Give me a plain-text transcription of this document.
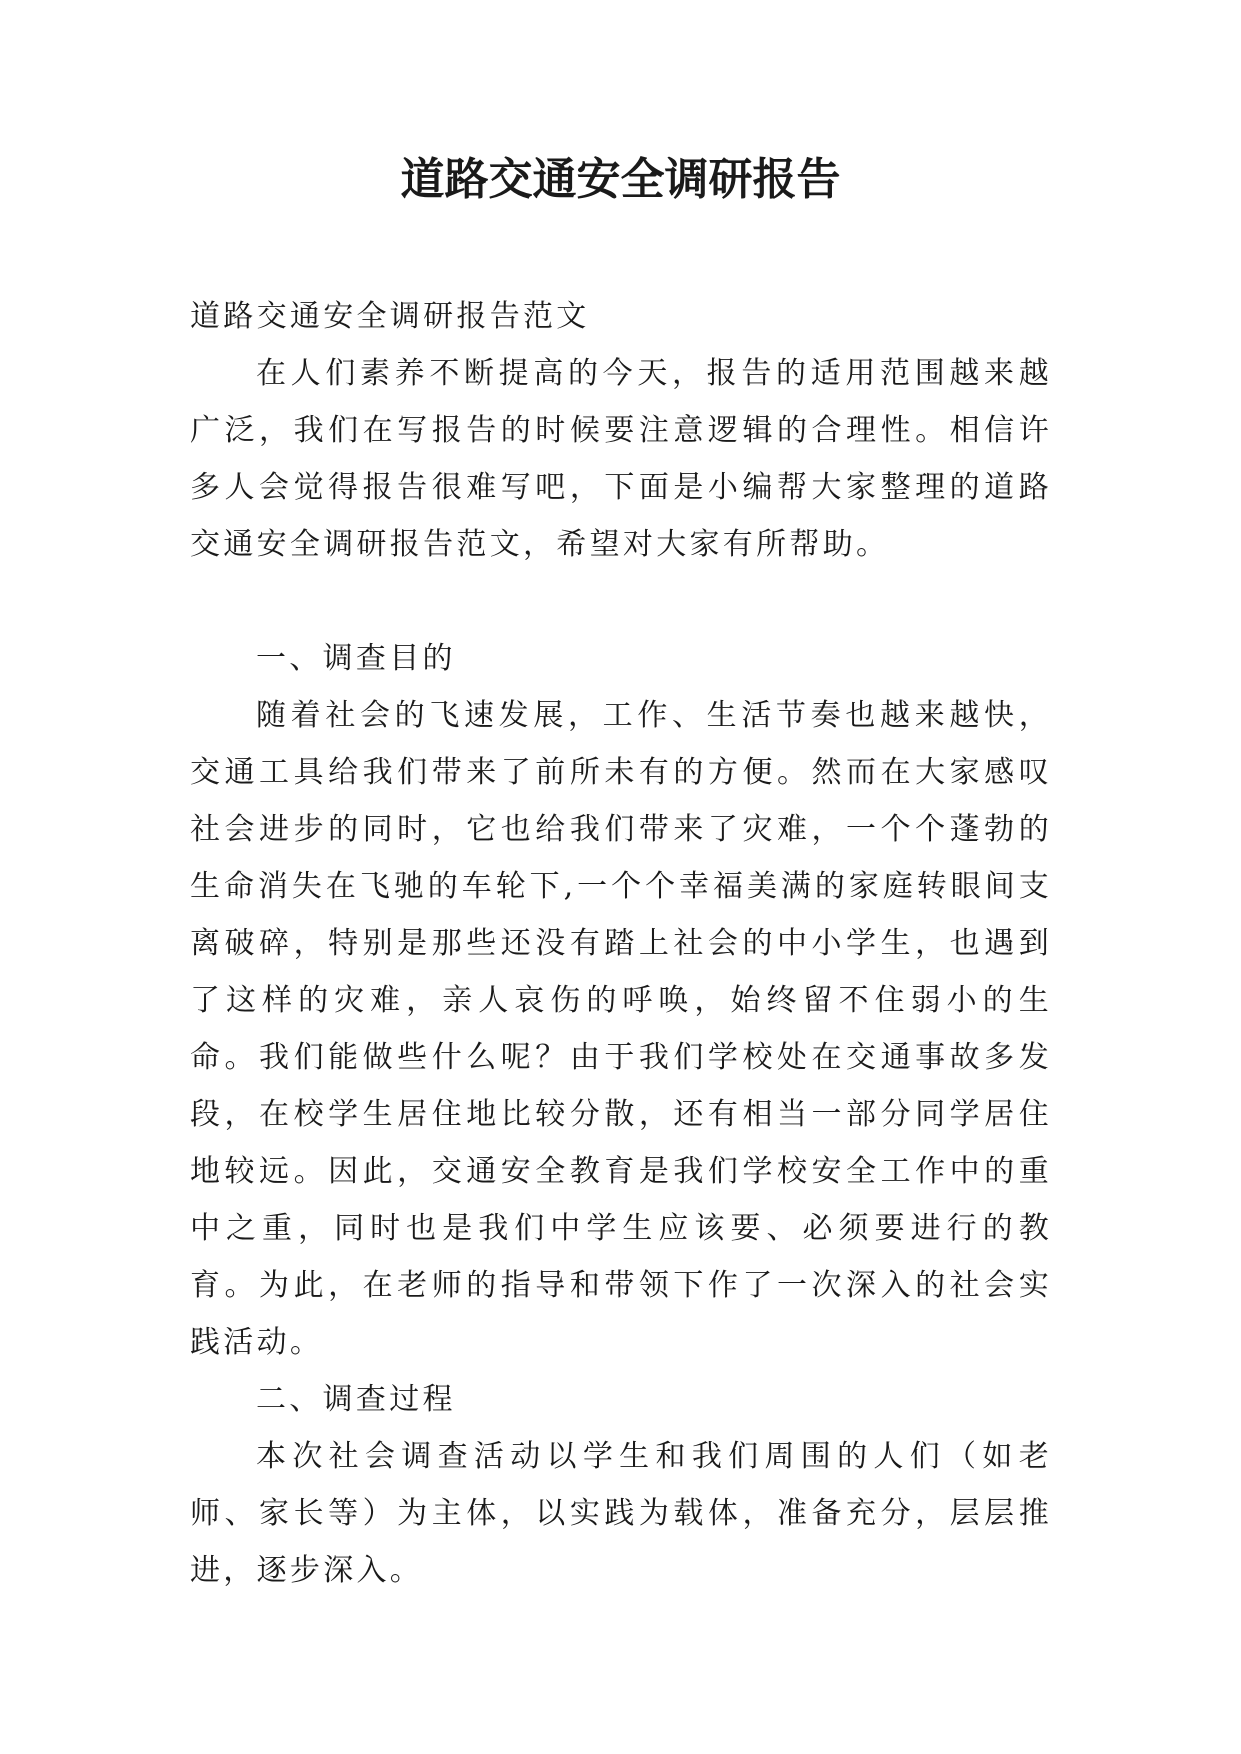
道路交通安全调研报告

道路交通安全调研报告范文

在人们素养不断提高的今天，报告的适用范围越来越广泛，我们在写报告的时候要注意逻辑的合理性。相信许多人会觉得报告很难写吧，下面是小编帮大家整理的道路交通安全调研报告范文，希望对大家有所帮助。

一、调查目的

随着社会的飞速发展，工作、生活节奏也越来越快，交通工具给我们带来了前所未有的方便。然而在大家感叹社会进步的同时，它也给我们带来了灾难，一个个蓬勃的生命消失在飞驰的车轮下,一个个幸福美满的家庭转眼间支离破碎，特别是那些还没有踏上社会的中小学生，也遇到了这样的灾难，亲人哀伤的呼唤，始终留不住弱小的生命。我们能做些什么呢？由于我们学校处在交通事故多发段，在校学生居住地比较分散，还有相当一部分同学居住地较远。因此，交通安全教育是我们学校安全工作中的重中之重，同时也是我们中学生应该要、必须要进行的教育。为此，在老师的指导和带领下作了一次深入的社会实践活动。

二、调查过程

本次社会调查活动以学生和我们周围的人们（如老师、家长等）为主体，以实践为载体，准备充分，层层推进，逐步深入。
